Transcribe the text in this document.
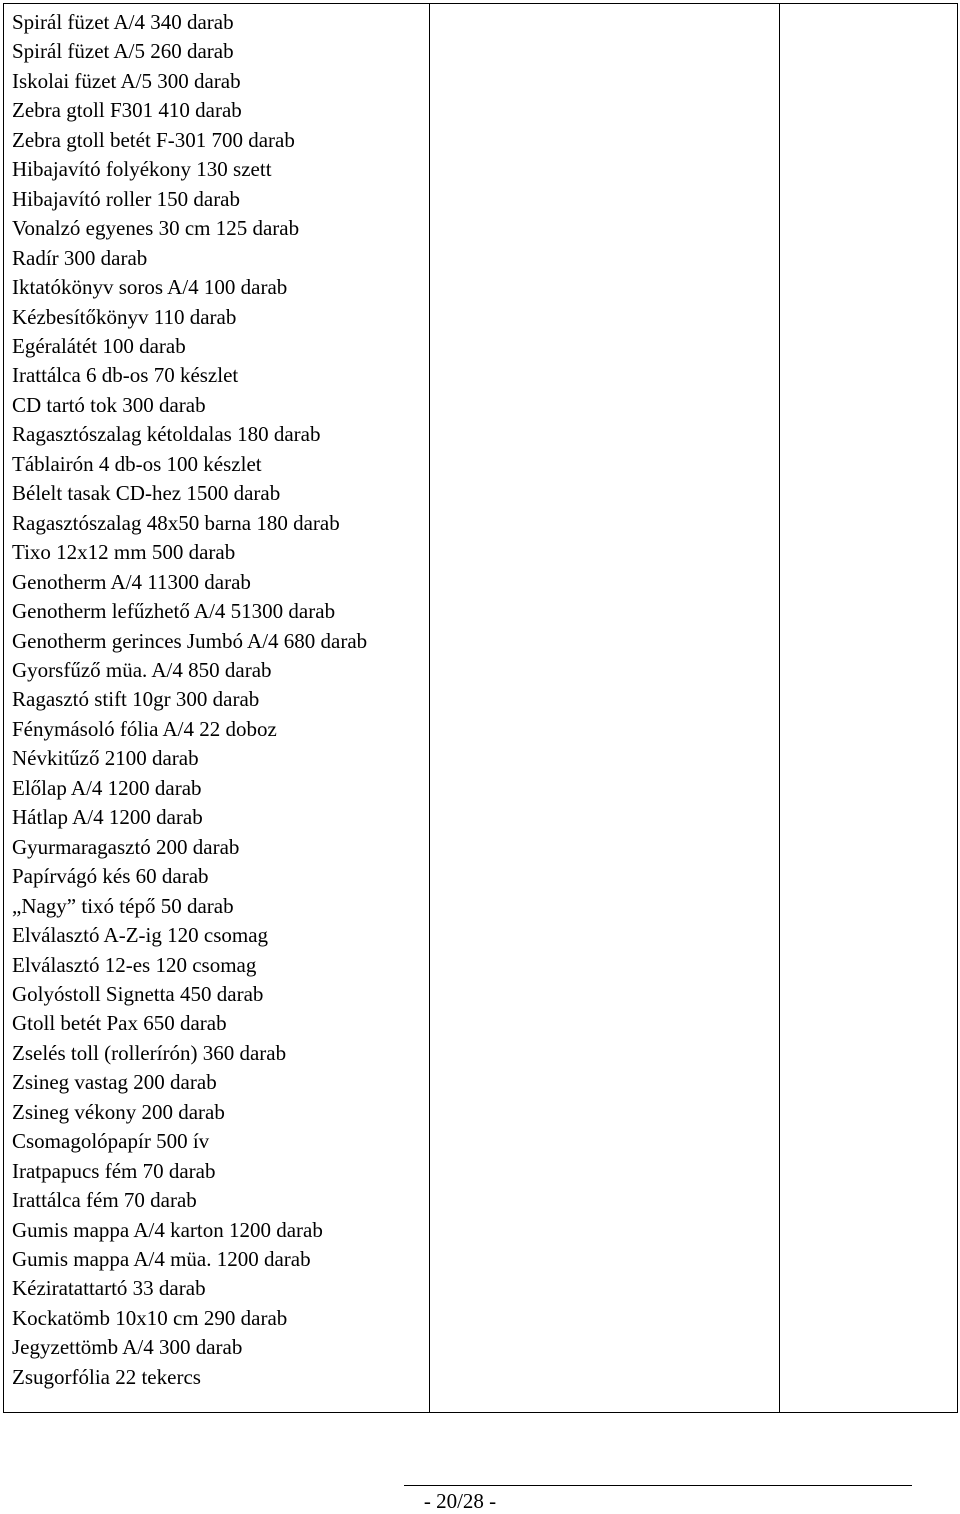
Spirál füzet A/4 340 darab
Spirál füzet A/5 260 darab
Iskolai füzet A/5 300 darab
Zebra gtoll F301 410 darab
Zebra gtoll betét F-301 700 darab
Hibajavító folyékony 130 szett
Hibajavító roller 150 darab
Vonalzó egyenes 30 cm 125 darab
Radír 300 darab
Iktatókönyv soros A/4 100 darab
Kézbesítőkönyv 110 darab
Egéralátét 100 darab
Irattálca 6 db-os 70 készlet
CD tartó tok 300 darab
Ragasztószalag kétoldalas 180 darab
Táblairón 4 db-os 100 készlet
Bélelt tasak CD-hez 1500 darab
Ragasztószalag 48x50 barna 180 darab
Tixo 12x12 mm 500 darab
Genotherm A/4 11300 darab
Genotherm lefűzhető A/4 51300 darab
Genotherm gerinces Jumbó A/4 680 darab
Gyorsfűző müa. A/4 850 darab
Ragasztó stift 10gr 300 darab
Fénymásoló fólia A/4 22 doboz
Névkitűző 2100 darab
Előlap A/4 1200 darab
Hátlap A/4 1200 darab
Gyurmaragasztó 200 darab
Papírvágó kés 60 darab
„Nagy” tixó tépő 50 darab
Elválasztó A-Z-ig 120 csomag
Elválasztó 12-es 120 csomag
Golyóstoll Signetta 450 darab
Gtoll betét Pax 650 darab
Zselés toll (rollerírón) 360 darab
Zsineg vastag 200 darab
Zsineg vékony 200 darab
Csomagolópapír 500 ív
Iratpapucs fém 70 darab
Irattálca fém 70 darab
Gumis mappa A/4 karton 1200 darab
Gumis mappa A/4 müa. 1200 darab
Kéziratattartó 33 darab
Kockatömb 10x10 cm 290 darab
Jegyzettömb A/4 300 darab
Zsugorfólia 22 tekercs

- 20/28 -
